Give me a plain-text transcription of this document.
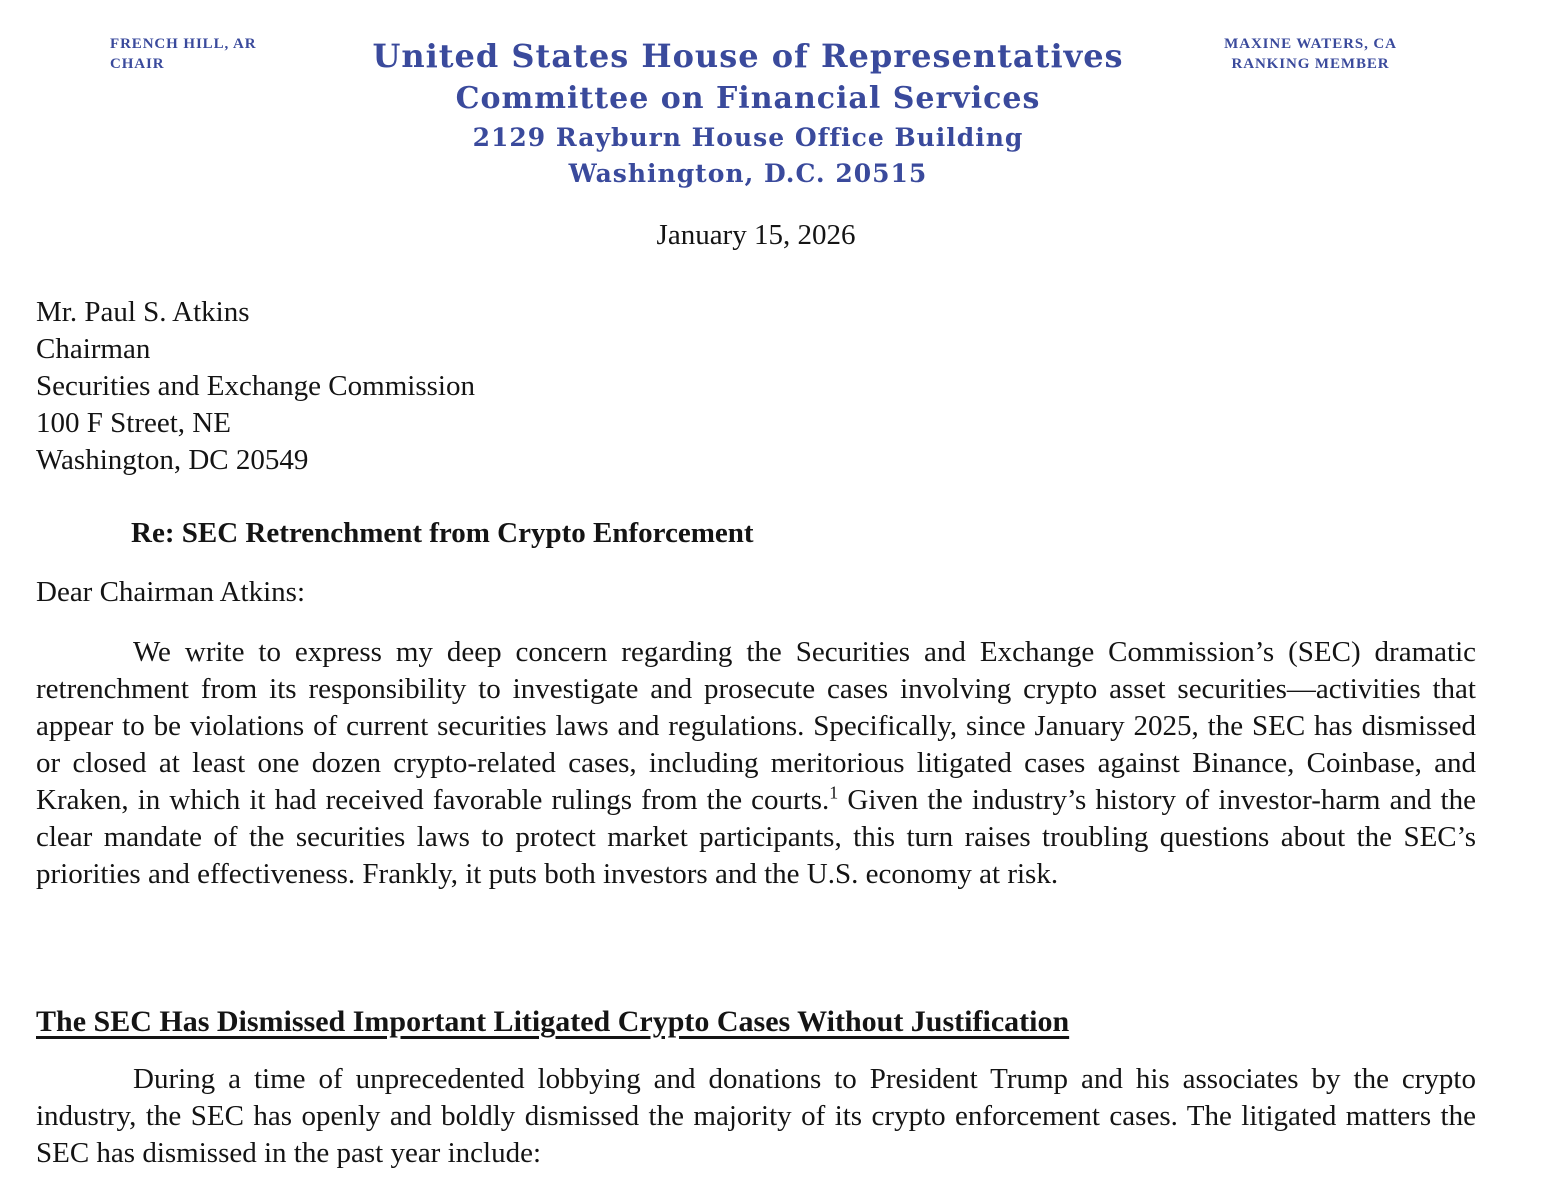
FRENCH HILL, AR
CHAIR	United States House of Representatives
Committee on Financial Services
2129 Rayburn House Office Building
Washington, D.C. 20515
MAXINE WATERS, CA
RANKING MEMBER
January 15, 2026
Mr. Paul S. Atkins
Chairman
Securities and Exchange Commission
100 F Street, NE
Washington, DC 20549
Re: SEC Retrenchment from Crypto Enforcement
Dear Chairman Atkins:

We write to express my deep concern regarding the Securities and Exchange Commission’s (SEC) dramatic retrenchment from its responsibility to investigate and prosecute cases involving crypto asset securities—activities that appear to be violations of current securities laws and regulations. Specifically, since January 2025, the SEC has dismissed or closed at least one dozen crypto-related cases, including meritorious litigated cases against Binance, Coinbase, and Kraken, in which it had received favorable rulings from the courts.$^1$ Given the industry’s history of investor-harm and the clear mandate of the securities laws to protect market participants, this turn raises troubling questions about the SEC’s priorities and effectiveness. Frankly, it puts both investors and the U.S. economy at risk.

The SEC Has Dismissed Important Litigated Crypto Cases Without Justification

During a time of unprecedented lobbying and donations to President Trump and his associates by the crypto industry, the SEC has openly and boldly dismissed the majority of its crypto enforcement cases. The litigated matters the SEC has dismissed in the past year include:
